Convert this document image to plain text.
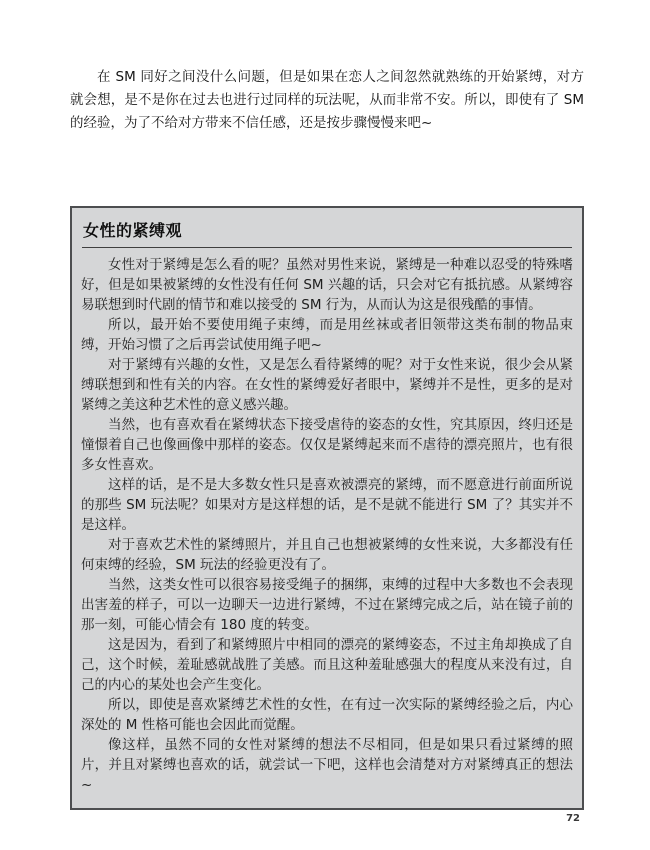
在 SM 同好之间没什么问题，但是如果在恋人之间忽然就熟练的开始紧缚，对方就会想，是不是你在过去也进行过同样的玩法呢，从而非常不安。所以，即使有了 SM 的经验，为了不给对方带来不信任感，还是按步骤慢慢来吧~

女性的紧缚观

女性对于紧缚是怎么看的呢？虽然对男性来说，紧缚是一种难以忍受的特殊嗜好，但是如果被紧缚的女性没有任何 SM 兴趣的话，只会对它有抵抗感。从紧缚容易联想到时代剧的情节和难以接受的 SM 行为，从而认为这是很残酷的事情。

所以，最开始不要使用绳子束缚，而是用丝袜或者旧领带这类布制的物品束缚，开始习惯了之后再尝试使用绳子吧~

对于紧缚有兴趣的女性，又是怎么看待紧缚的呢？对于女性来说，很少会从紧缚联想到和性有关的内容。在女性的紧缚爱好者眼中，紧缚并不是性，更多的是对紧缚之美这种艺术性的意义感兴趣。

当然，也有喜欢看在紧缚状态下接受虐待的姿态的女性，究其原因，终归还是憧憬着自己也像画像中那样的姿态。仅仅是紧缚起来而不虐待的漂亮照片，也有很多女性喜欢。

这样的话，是不是大多数女性只是喜欢被漂亮的紧缚，而不愿意进行前面所说的那些 SM 玩法呢？如果对方是这样想的话，是不是就不能进行 SM 了？其实并不是这样。

对于喜欢艺术性的紧缚照片，并且自己也想被紧缚的女性来说，大多都没有任何束缚的经验，SM 玩法的经验更没有了。

当然，这类女性可以很容易接受绳子的捆绑，束缚的过程中大多数也不会表现出害羞的样子，可以一边聊天一边进行紧缚，不过在紧缚完成之后，站在镜子前的那一刻，可能心情会有 180 度的转变。

这是因为，看到了和紧缚照片中相同的漂亮的紧缚姿态，不过主角却换成了自己，这个时候，羞耻感就战胜了美感。而且这种羞耻感强大的程度从来没有过，自己的内心的某处也会产生变化。

所以，即使是喜欢紧缚艺术性的女性，在有过一次实际的紧缚经验之后，内心深处的 M 性格可能也会因此而觉醒。

像这样，虽然不同的女性对紧缚的想法不尽相同，但是如果只看过紧缚的照片，并且对紧缚也喜欢的话，就尝试一下吧，这样也会清楚对方对紧缚真正的想法~

72
